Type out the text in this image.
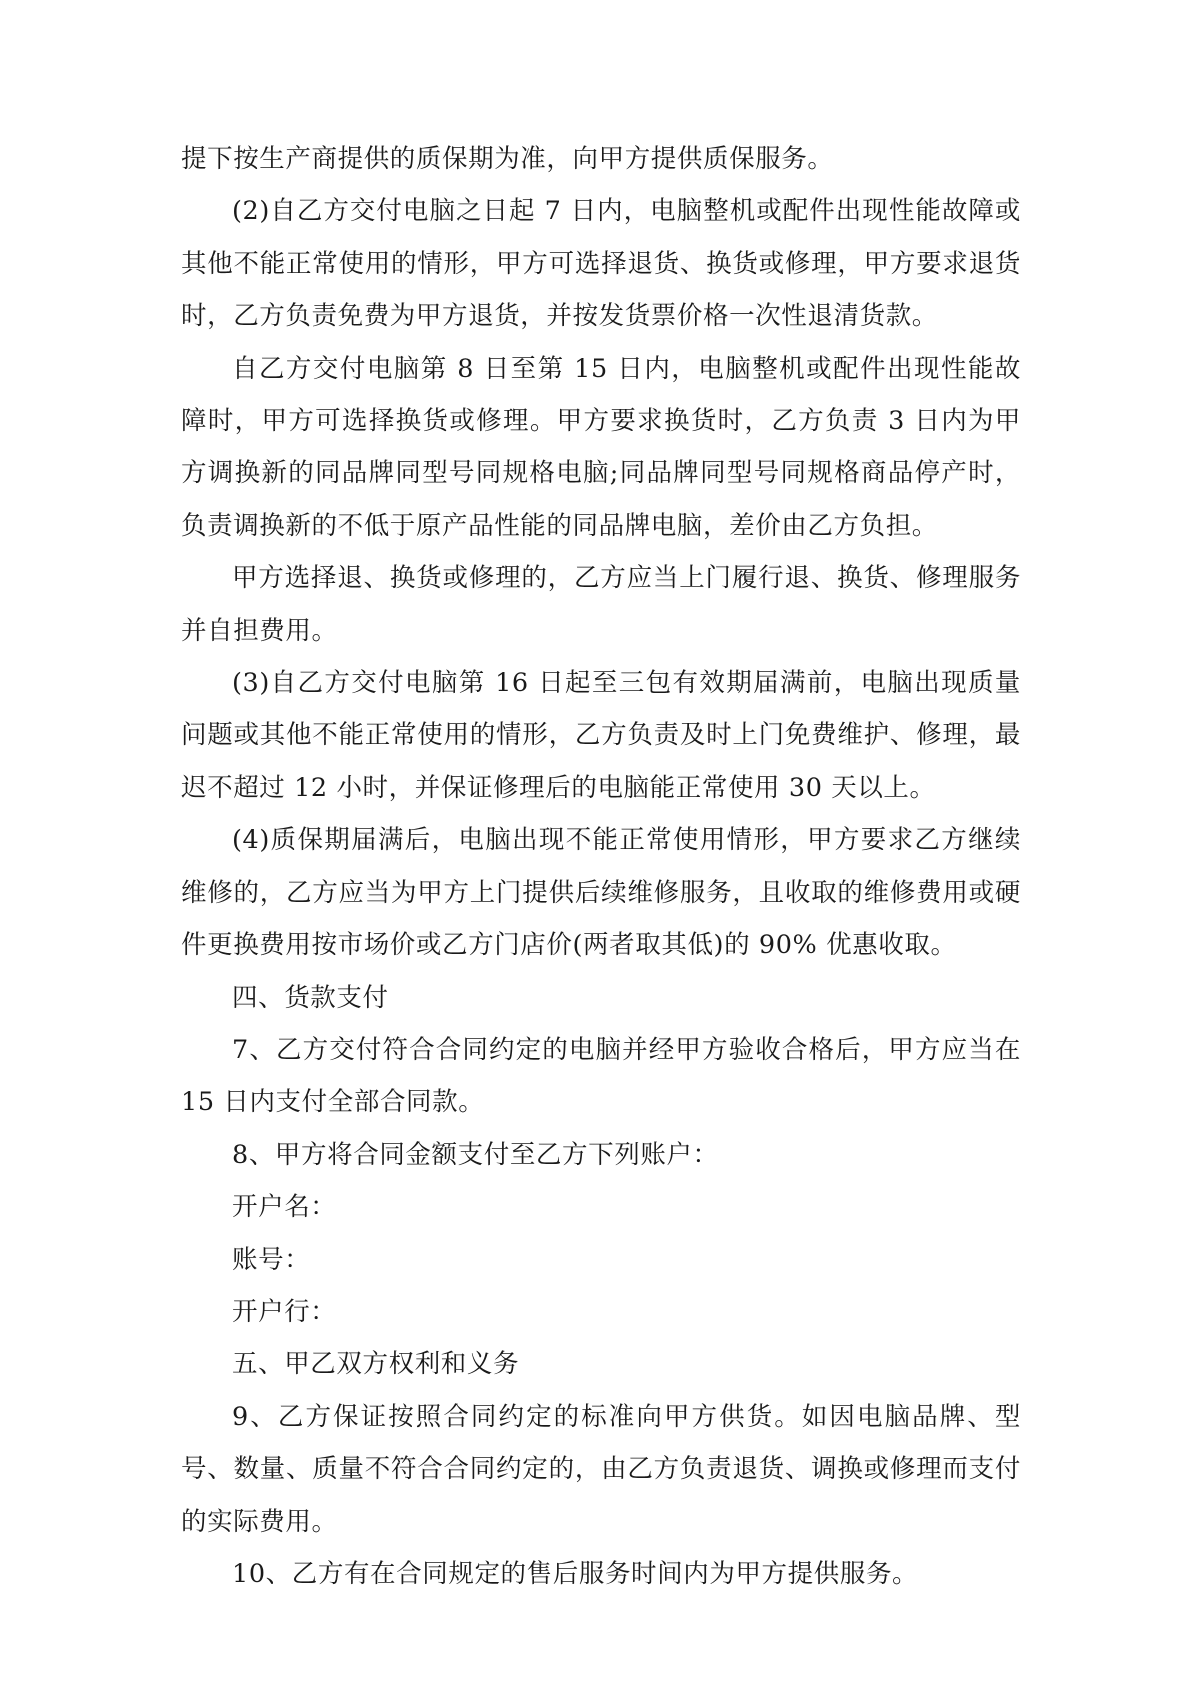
提下按生产商提供的质保期为准，向甲方提供质保服务。

(2)自乙方交付电脑之日起 7 日内，电脑整机或配件出现性能故障或其他不能正常使用的情形，甲方可选择退货、换货或修理，甲方要求退货时，乙方负责免费为甲方退货，并按发货票价格一次性退清货款。

自乙方交付电脑第 8 日至第 15 日内，电脑整机或配件出现性能故障时，甲方可选择换货或修理。甲方要求换货时，乙方负责 3 日内为甲方调换新的同品牌同型号同规格电脑;同品牌同型号同规格商品停产时，负责调换新的不低于原产品性能的同品牌电脑，差价由乙方负担。

甲方选择退、换货或修理的，乙方应当上门履行退、换货、修理服务并自担费用。

(3)自乙方交付电脑第 16 日起至三包有效期届满前，电脑出现质量问题或其他不能正常使用的情形，乙方负责及时上门免费维护、修理，最迟不超过 12 小时，并保证修理后的电脑能正常使用 30 天以上。

(4)质保期届满后，电脑出现不能正常使用情形，甲方要求乙方继续维修的，乙方应当为甲方上门提供后续维修服务，且收取的维修费用或硬件更换费用按市场价或乙方门店价(两者取其低)的 90% 优惠收取。

四、货款支付

7、乙方交付符合合同约定的电脑并经甲方验收合格后，甲方应当在 15 日内支付全部合同款。

8、甲方将合同金额支付至乙方下列账户：

开户名：

账号：

开户行：

五、甲乙双方权利和义务

9、乙方保证按照合同约定的标准向甲方供货。如因电脑品牌、型号、数量、质量不符合合同约定的，由乙方负责退货、调换或修理而支付的实际费用。

10、乙方有在合同规定的售后服务时间内为甲方提供服务。
